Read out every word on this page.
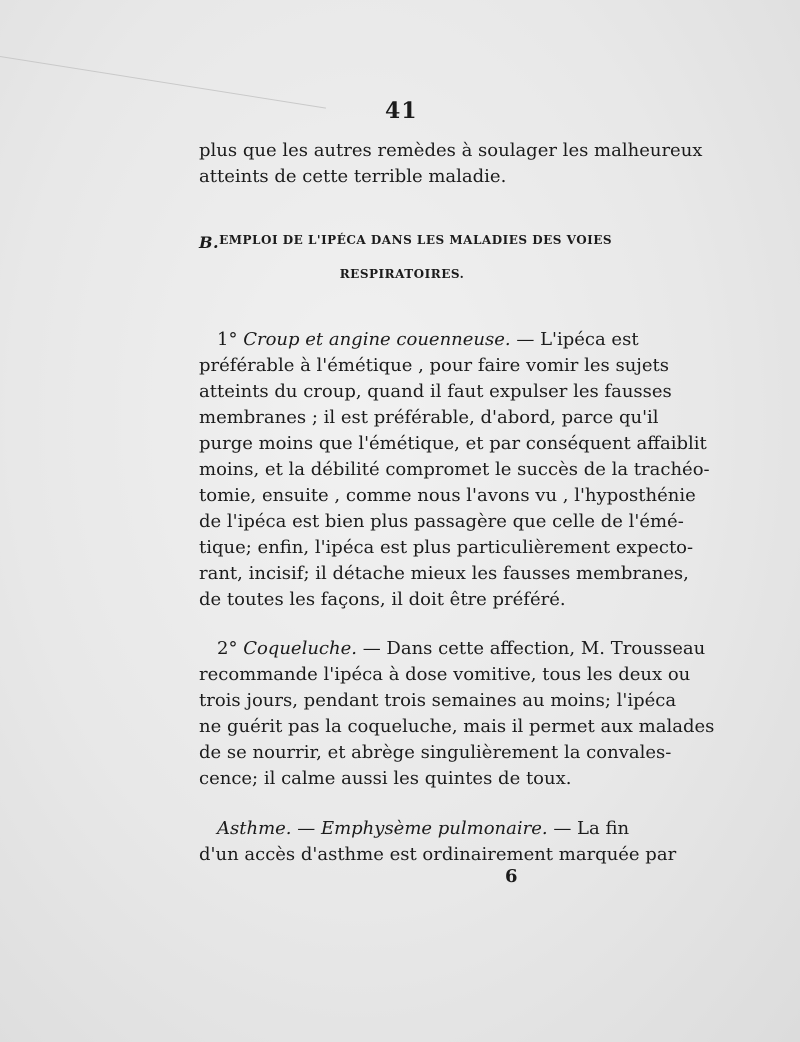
41

plus que les autres remèdes à soulager les malheureux
atteints de cette terrible maladie.

B. EMPLOI DE L'IPÉCA DANS LES MALADIES DES VOIES
RESPIRATOIRES.

1° Croup et angine couenneuse. — L'ipéca est
préférable à l'émétique , pour faire vomir les sujets
atteints du croup, quand il faut expulser les fausses
membranes ; il est préférable, d'abord, parce qu'il
purge moins que l'émétique, et par conséquent affaiblit
moins, et la débilité compromet le succès de la trachéo-
tomie, ensuite , comme nous l'avons vu , l'hyposthénie
de l'ipéca est bien plus passagère que celle de l'émé-
tique; enfin, l'ipéca est plus particulièrement expecto-
rant, incisif; il détache mieux les fausses membranes,
de toutes les façons, il doit être préféré.

2° Coqueluche. — Dans cette affection, M. Trousseau
recommande l'ipéca à dose vomitive, tous les deux ou
trois jours, pendant trois semaines au moins; l'ipéca
ne guérit pas la coqueluche, mais il permet aux malades
de se nourrir, et abrège singulièrement la convales-
cence; il calme aussi les quintes de toux.

Asthme. — Emphysème pulmonaire. — La fin
d'un accès d'asthme est ordinairement marquée par

6
